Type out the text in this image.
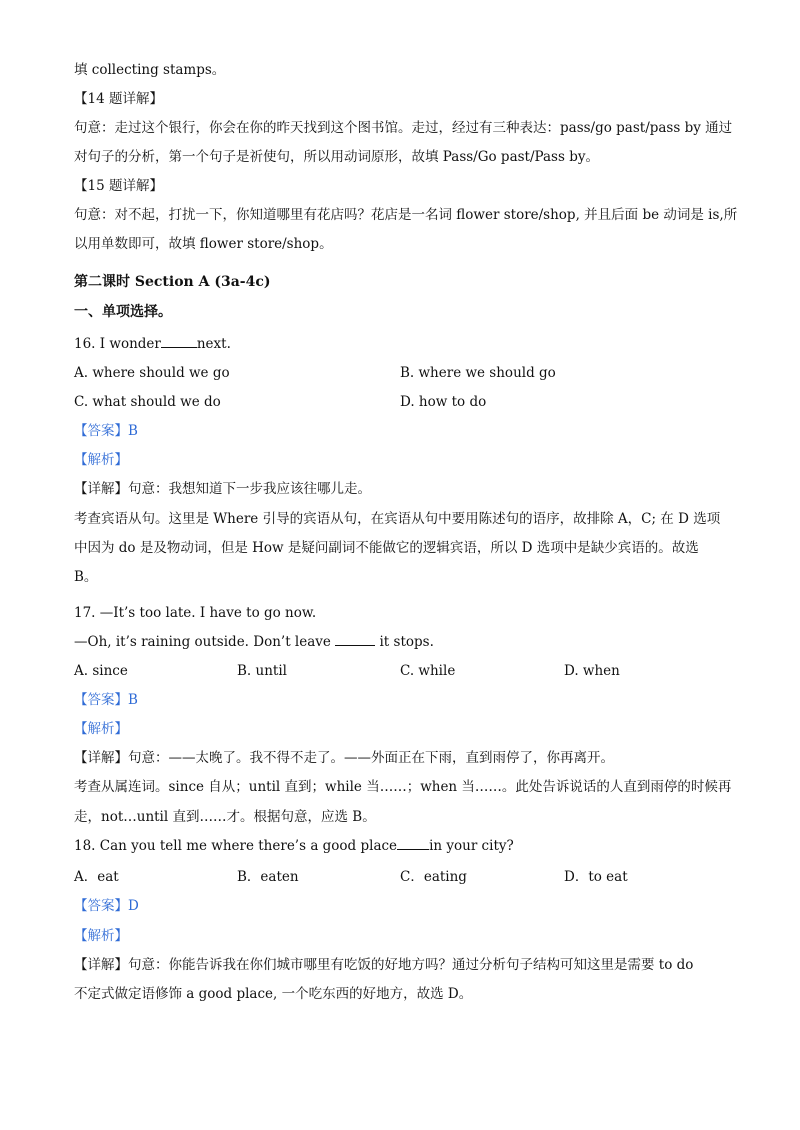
填 collecting stamps。
【14 题详解】
句意：走过这个银行，你会在你的昨天找到这个图书馆。走过，经过有三种表达：pass/go past/pass by 通过
对句子的分析，第一个句子是祈使句，所以用动词原形，故填 Pass/Go past/Pass by。
【15 题详解】
句意：对不起，打扰一下，你知道哪里有花店吗？花店是一名词 flower store/shop, 并且后面 be 动词是 is,所
以用单数即可，故填 flower store/shop。
第二课时 Section A (3a-4c)
一、单项选择。
16. I wonder	next.
A. where should we go	B. where we should go
C. what should we do	D. how to do
【答案】B
【解析】
【详解】句意：我想知道下一步我应该往哪儿走。
考查宾语从句。这里是 Where 引导的宾语从句，在宾语从句中要用陈述句的语序，故排除 A，C; 在 D 选项
中因为 do 是及物动词，但是 How 是疑问副词不能做它的逻辑宾语，所以 D 选项中是缺少宾语的。故选
B。
17. —It’s too late. I have to go now.
—Oh, it’s raining outside. Don’t leave	it stops.
A. since	B. until	C. while	D. when
【答案】B
【解析】
【详解】句意：——太晚了。我不得不走了。——外面正在下雨，直到雨停了，你再离开。
考查从属连词。since 自从；until 直到；while 当……；when 当……。此处告诉说话的人直到雨停的时候再
走，not…until 直到……才。根据句意，应选 B。
18. Can you tell me where there’s a good place in your city?
A．eat	B．eaten	C．eating	D．to eat
【答案】D
【解析】
【详解】句意：你能告诉我在你们城市哪里有吃饭的好地方吗？通过分析句子结构可知这里是需要 to do
不定式做定语修饰 a good place, 一个吃东西的好地方，故选 D。
